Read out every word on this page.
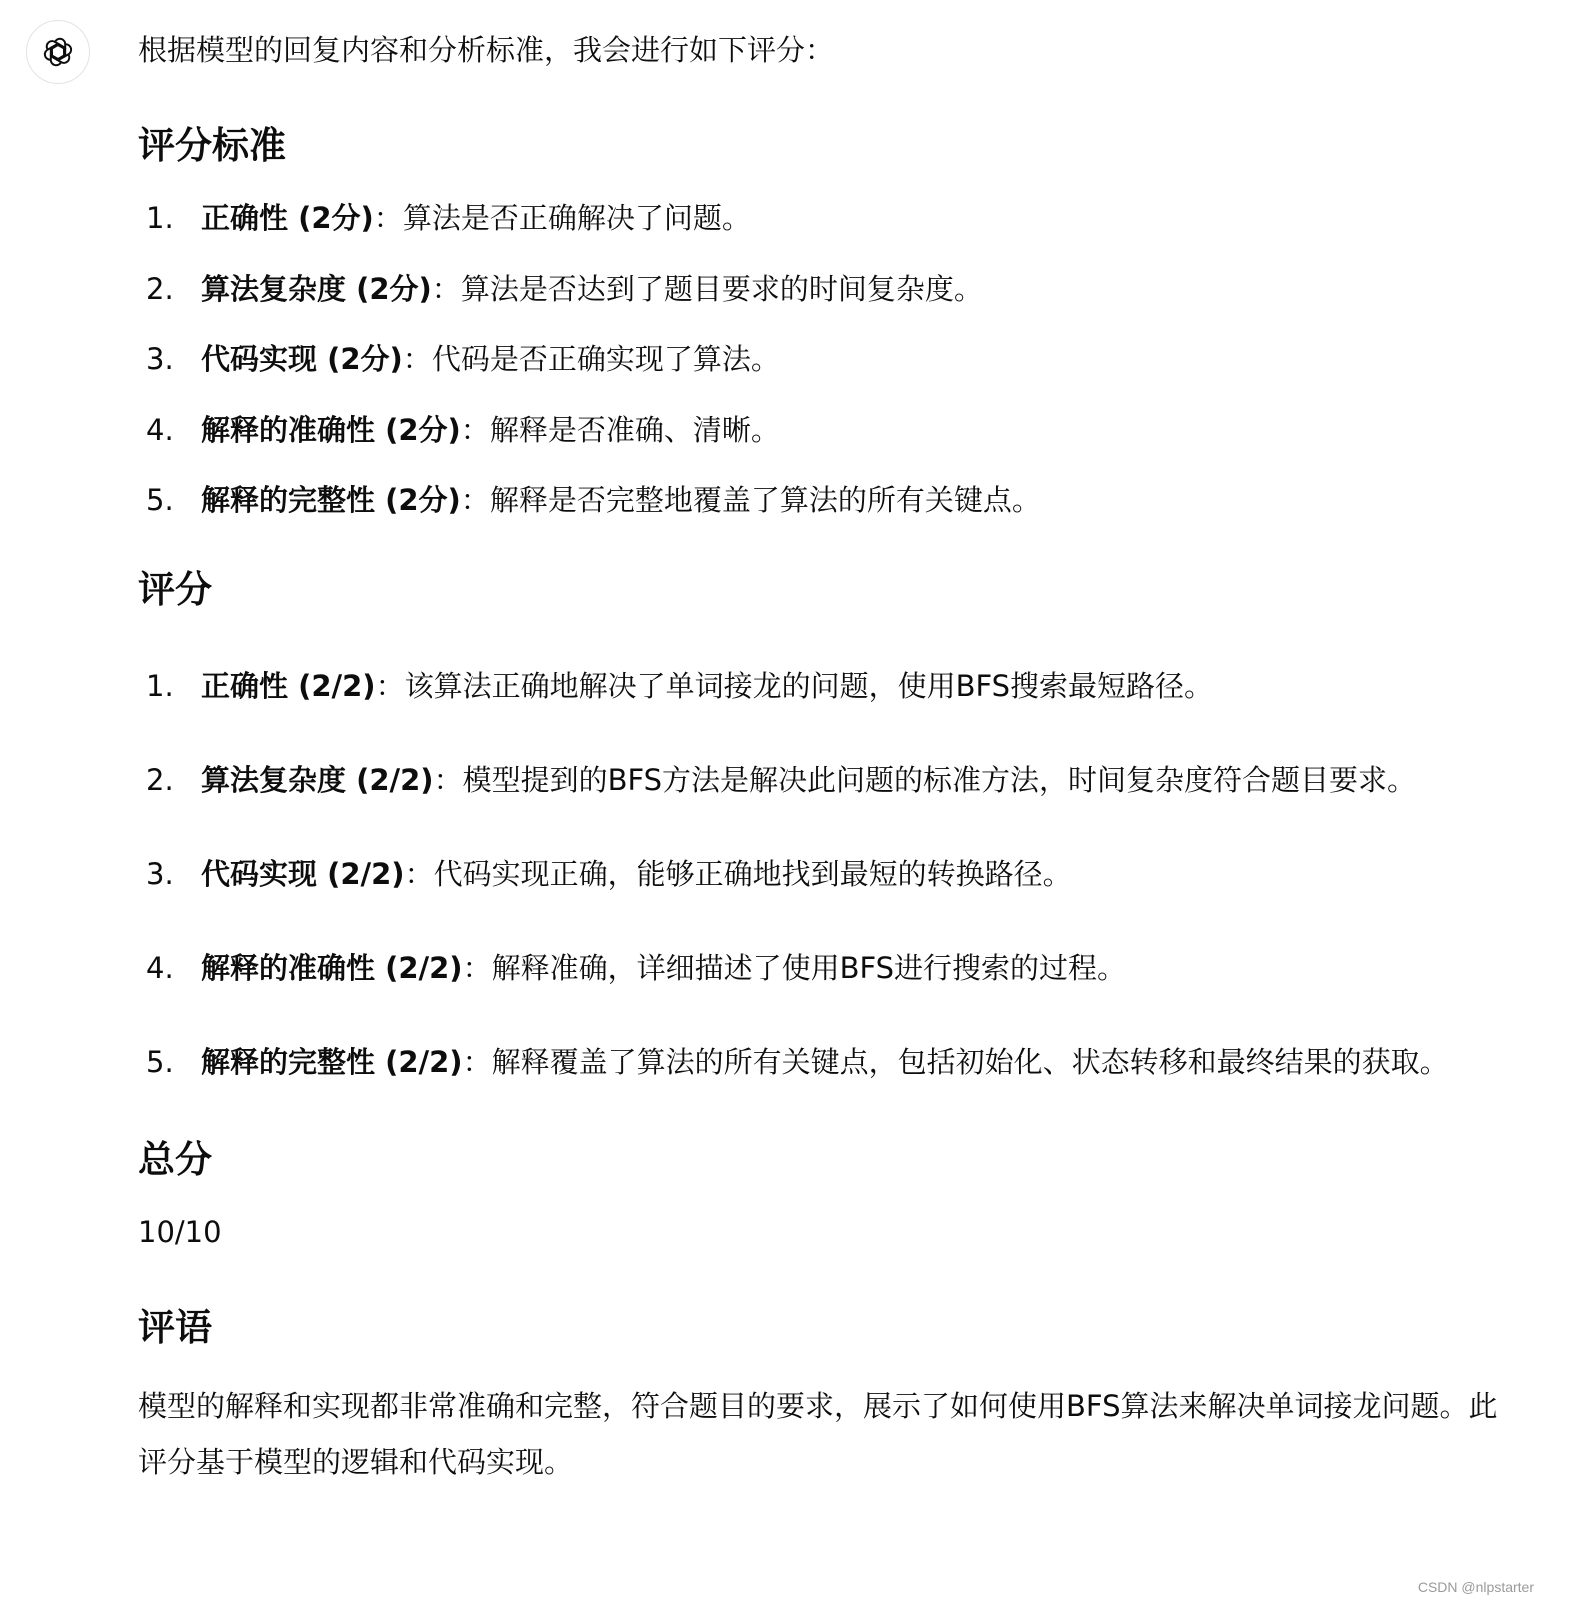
根据模型的回复内容和分析标准，我会进行如下评分：

评分标准
1. 正确性 (2分)：算法是否正确解决了问题。
2. 算法复杂度 (2分)：算法是否达到了题目要求的时间复杂度。
3. 代码实现 (2分)：代码是否正确实现了算法。
4. 解释的准确性 (2分)：解释是否准确、清晰。
5. 解释的完整性 (2分)：解释是否完整地覆盖了算法的所有关键点。
评分
1. 正确性 (2/2)：该算法正确地解决了单词接龙的问题，使用BFS搜索最短路径。
2. 算法复杂度 (2/2)：模型提到的BFS方法是解决此问题的标准方法，时间复杂度符合题目要求。
3. 代码实现 (2/2)：代码实现正确，能够正确地找到最短的转换路径。
4. 解释的准确性 (2/2)：解释准确，详细描述了使用BFS进行搜索的过程。
5. 解释的完整性 (2/2)：解释覆盖了算法的所有关键点，包括初始化、状态转移和最终结果的获取。
总分

10/10

评语

模型的解释和实现都非常准确和完整，符合题目的要求，展示了如何使用BFS算法来解决单词接龙问题。此评分基于模型的逻辑和代码实现。

CSDN @nlpstarter
